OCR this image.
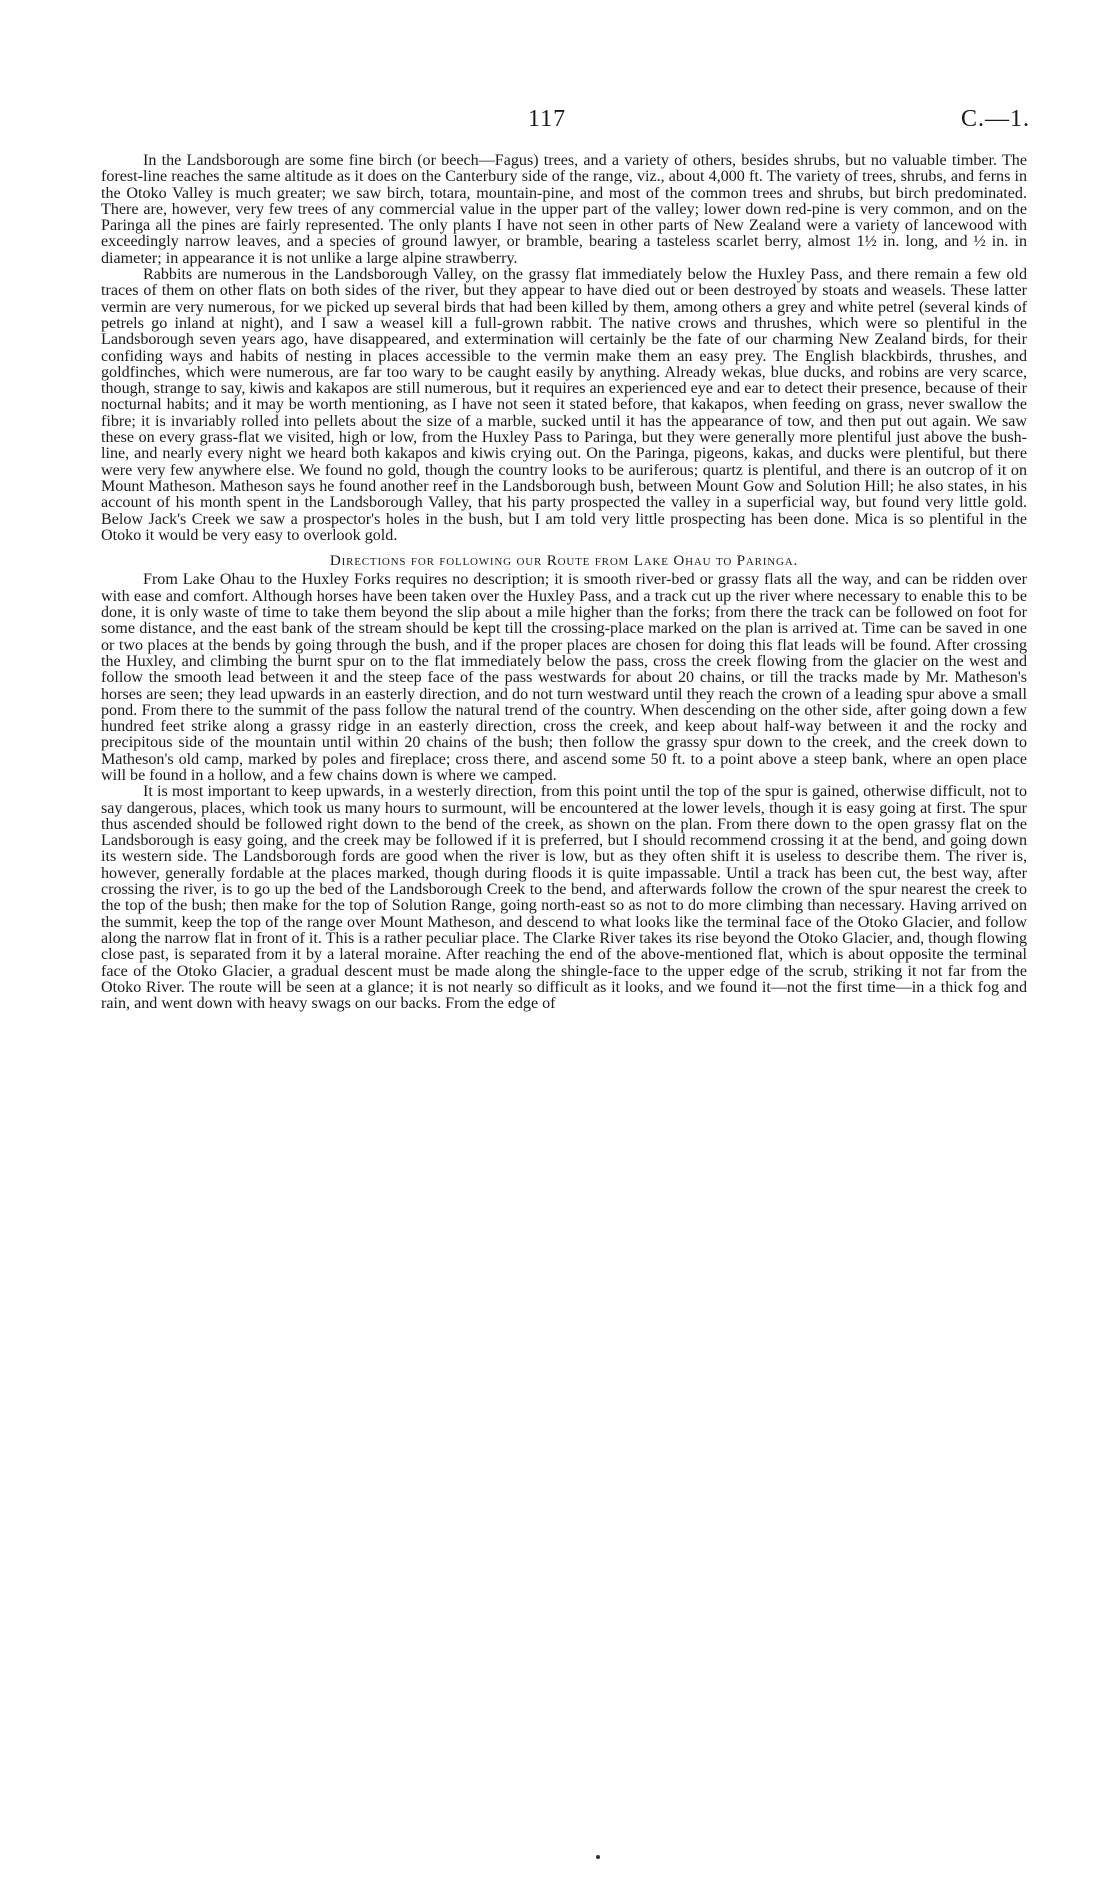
117	C.—1.

In the Landsborough are some fine birch (or beech—Fagus) trees, and a variety of others, besides shrubs, but no valuable timber. The forest-line reaches the same altitude as it does on the Canterbury side of the range, viz., about 4,000 ft. The variety of trees, shrubs, and ferns in the Otoko Valley is much greater; we saw birch, totara, mountain-pine, and most of the common trees and shrubs, but birch predominated. There are, however, very few trees of any commercial value in the upper part of the valley; lower down red-pine is very common, and on the Paringa all the pines are fairly represented. The only plants I have not seen in other parts of New Zealand were a variety of lancewood with exceedingly narrow leaves, and a species of ground lawyer, or bramble, bearing a tasteless scarlet berry, almost 1½ in. long, and ½ in. in diameter; in appearance it is not unlike a large alpine strawberry.

Rabbits are numerous in the Landsborough Valley, on the grassy flat immediately below the Huxley Pass, and there remain a few old traces of them on other flats on both sides of the river, but they appear to have died out or been destroyed by stoats and weasels. These latter vermin are very numerous, for we picked up several birds that had been killed by them, among others a grey and white petrel (several kinds of petrels go inland at night), and I saw a weasel kill a full-grown rabbit. The native crows and thrushes, which were so plentiful in the Landsborough seven years ago, have disappeared, and extermination will certainly be the fate of our charming New Zealand birds, for their confiding ways and habits of nesting in places accessible to the vermin make them an easy prey. The English blackbirds, thrushes, and goldfinches, which were numerous, are far too wary to be caught easily by anything. Already wekas, blue ducks, and robins are very scarce, though, strange to say, kiwis and kakapos are still numerous, but it requires an experienced eye and ear to detect their presence, because of their nocturnal habits; and it may be worth mentioning, as I have not seen it stated before, that kakapos, when feeding on grass, never swallow the fibre; it is invariably rolled into pellets about the size of a marble, sucked until it has the appearance of tow, and then put out again. We saw these on every grass-flat we visited, high or low, from the Huxley Pass to Paringa, but they were generally more plentiful just above the bush-line, and nearly every night we heard both kakapos and kiwis crying out. On the Paringa, pigeons, kakas, and ducks were plentiful, but there were very few anywhere else. We found no gold, though the country looks to be auriferous; quartz is plentiful, and there is an outcrop of it on Mount Matheson. Matheson says he found another reef in the Landsborough bush, between Mount Gow and Solution Hill; he also states, in his account of his month spent in the Landsborough Valley, that his party prospected the valley in a superficial way, but found very little gold. Below Jack's Creek we saw a prospector's holes in the bush, but I am told very little prospecting has been done. Mica is so plentiful in the Otoko it would be very easy to overlook gold.

Directions for following our Route from Lake Ohau to Paringa.

From Lake Ohau to the Huxley Forks requires no description; it is smooth river-bed or grassy flats all the way, and can be ridden over with ease and comfort. Although horses have been taken over the Huxley Pass, and a track cut up the river where necessary to enable this to be done, it is only waste of time to take them beyond the slip about a mile higher than the forks; from there the track can be followed on foot for some distance, and the east bank of the stream should be kept till the crossing-place marked on the plan is arrived at. Time can be saved in one or two places at the bends by going through the bush, and if the proper places are chosen for doing this flat leads will be found. After crossing the Huxley, and climbing the burnt spur on to the flat immediately below the pass, cross the creek flowing from the glacier on the west and follow the smooth lead between it and the steep face of the pass westwards for about 20 chains, or till the tracks made by Mr. Matheson's horses are seen; they lead upwards in an easterly direction, and do not turn westward until they reach the crown of a leading spur above a small pond. From there to the summit of the pass follow the natural trend of the country. When descending on the other side, after going down a few hundred feet strike along a grassy ridge in an easterly direction, cross the creek, and keep about half-way between it and the rocky and precipitous side of the mountain until within 20 chains of the bush; then follow the grassy spur down to the creek, and the creek down to Matheson's old camp, marked by poles and fireplace; cross there, and ascend some 50 ft. to a point above a steep bank, where an open place will be found in a hollow, and a few chains down is where we camped.

It is most important to keep upwards, in a westerly direction, from this point until the top of the spur is gained, otherwise difficult, not to say dangerous, places, which took us many hours to surmount, will be encountered at the lower levels, though it is easy going at first. The spur thus ascended should be followed right down to the bend of the creek, as shown on the plan. From there down to the open grassy flat on the Landsborough is easy going, and the creek may be followed if it is preferred, but I should recommend crossing it at the bend, and going down its western side. The Landsborough fords are good when the river is low, but as they often shift it is useless to describe them. The river is, however, generally fordable at the places marked, though during floods it is quite impassable. Until a track has been cut, the best way, after crossing the river, is to go up the bed of the Landsborough Creek to the bend, and afterwards follow the crown of the spur nearest the creek to the top of the bush; then make for the top of Solution Range, going north-east so as not to do more climbing than necessary. Having arrived on the summit, keep the top of the range over Mount Matheson, and descend to what looks like the terminal face of the Otoko Glacier, and follow along the narrow flat in front of it. This is a rather peculiar place. The Clarke River takes its rise beyond the Otoko Glacier, and, though flowing close past, is separated from it by a lateral moraine. After reaching the end of the above-mentioned flat, which is about opposite the terminal face of the Otoko Glacier, a gradual descent must be made along the shingle-face to the upper edge of the scrub, striking it not far from the Otoko River. The route will be seen at a glance; it is not nearly so difficult as it looks, and we found it—not the first time—in a thick fog and rain, and went down with heavy swags on our backs. From the edge of
